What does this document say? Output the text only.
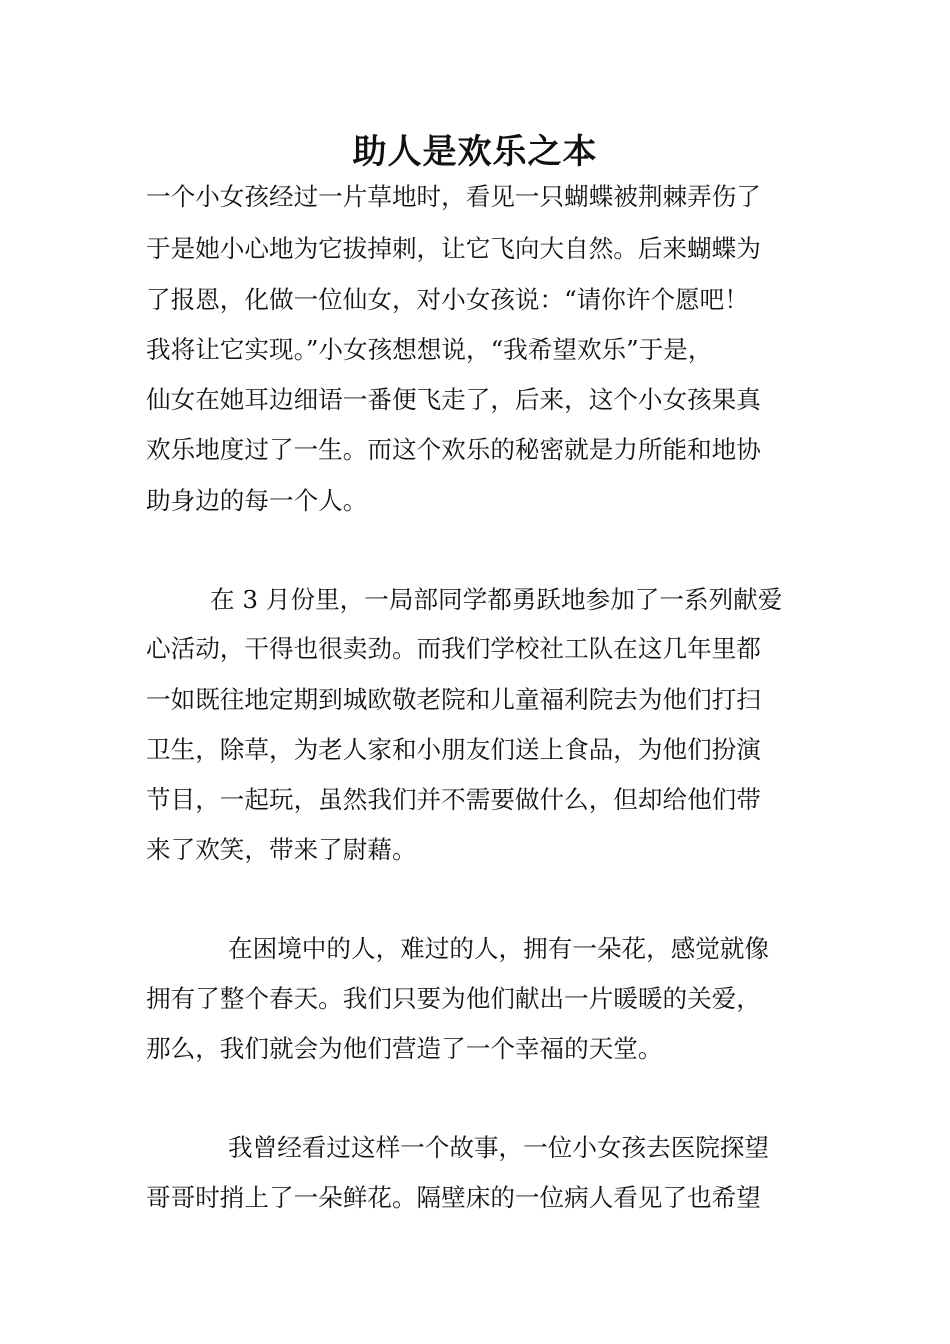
助人是欢乐之本
一个小女孩经过一片草地时，看见一只蝴蝶被荆棘弄伤了
于是她小心地为它拔掉刺，让它飞向大自然。后来蝴蝶为
了报恩，化做一位仙女，对小女孩说：“请你许个愿吧！
我将让它实现。”小女孩想想说，“我希望欢乐”于是，
仙女在她耳边细语一番便飞走了，后来，这个小女孩果真
欢乐地度过了一生。而这个欢乐的秘密就是力所能和地协
助身边的每一个人。
在 3 月份里，一局部同学都勇跃地参加了一系列献爱
心活动，干得也很卖劲。而我们学校社工队在这几年里都
一如既往地定期到城欧敬老院和儿童福利院去为他们打扫
卫生，除草，为老人家和小朋友们送上食品，为他们扮演
节目，一起玩，虽然我们并不需要做什么，但却给他们带
来了欢笑，带来了尉藉。
在困境中的人，难过的人，拥有一朵花，感觉就像
拥有了整个春天。我们只要为他们献出一片暖暖的关爱，
那么，我们就会为他们营造了一个幸福的天堂。
我曾经看过这样一个故事，一位小女孩去医院探望
哥哥时捎上了一朵鲜花。隔壁床的一位病人看见了也希望
